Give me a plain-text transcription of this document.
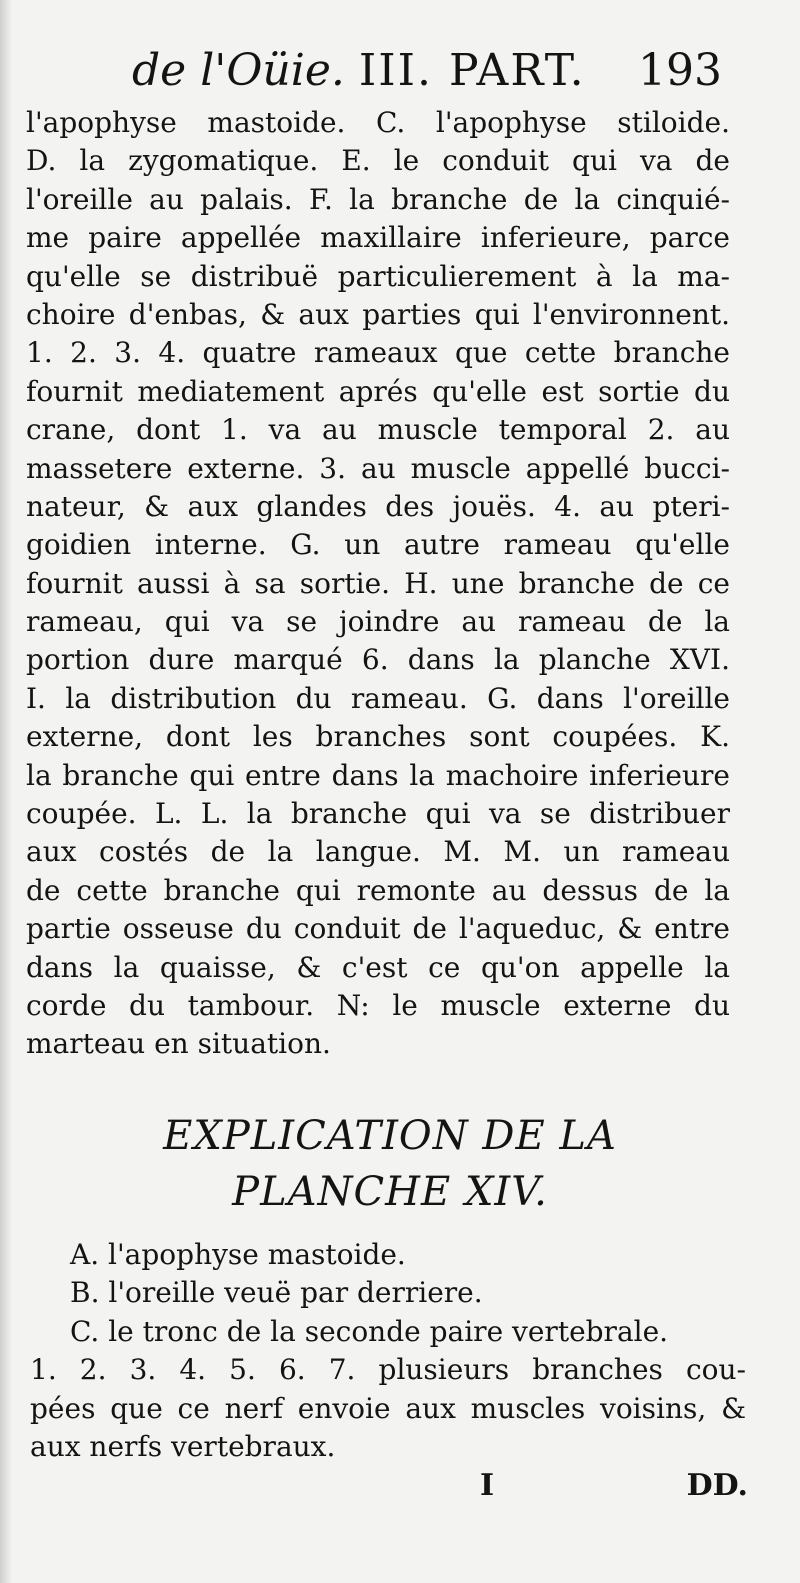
de l'Oüie. III. PART. 193
l'apophyse mastoide. C. l'apophyse stiloide.
D. la zygomatique. E. le conduit qui va de
l'oreille au palais. F. la branche de la cinquié-
me paire appellée maxillaire inferieure, parce
qu'elle se distribuë particulierement à la ma-
choire d'enbas, & aux parties qui l'environnent.
1. 2. 3. 4. quatre rameaux que cette branche
fournit mediatement aprés qu'elle est sortie du
crane, dont 1. va au muscle temporal 2. au
massetere externe. 3. au muscle appellé bucci-
nateur, & aux glandes des jouës. 4. au pteri-
goidien interne. G. un autre rameau qu'elle
fournit aussi à sa sortie. H. une branche de ce
rameau, qui va se joindre au rameau de la
portion dure marqué 6. dans la planche XVI.
I. la distribution du rameau. G. dans l'oreille
externe, dont les branches sont coupées. K.
la branche qui entre dans la machoire inferieure
coupée. L. L. la branche qui va se distribuer
aux costés de la langue. M. M. un rameau
de cette branche qui remonte au dessus de la
partie osseuse du conduit de l'aqueduc, & entre
dans la quaisse, & c'est ce qu'on appelle la
corde du tambour. N: le muscle externe du
marteau en situation.
EXPLICATION DE LA
PLANCHE XIV.
A. l'apophyse mastoide.
B. l'oreille veuë par derriere.
C. le tronc de la seconde paire vertebrale.
1. 2. 3. 4. 5. 6. 7. plusieurs branches cou-
pées que ce nerf envoie aux muscles voisins, &
aux nerfs vertebraux.
I	DD.
